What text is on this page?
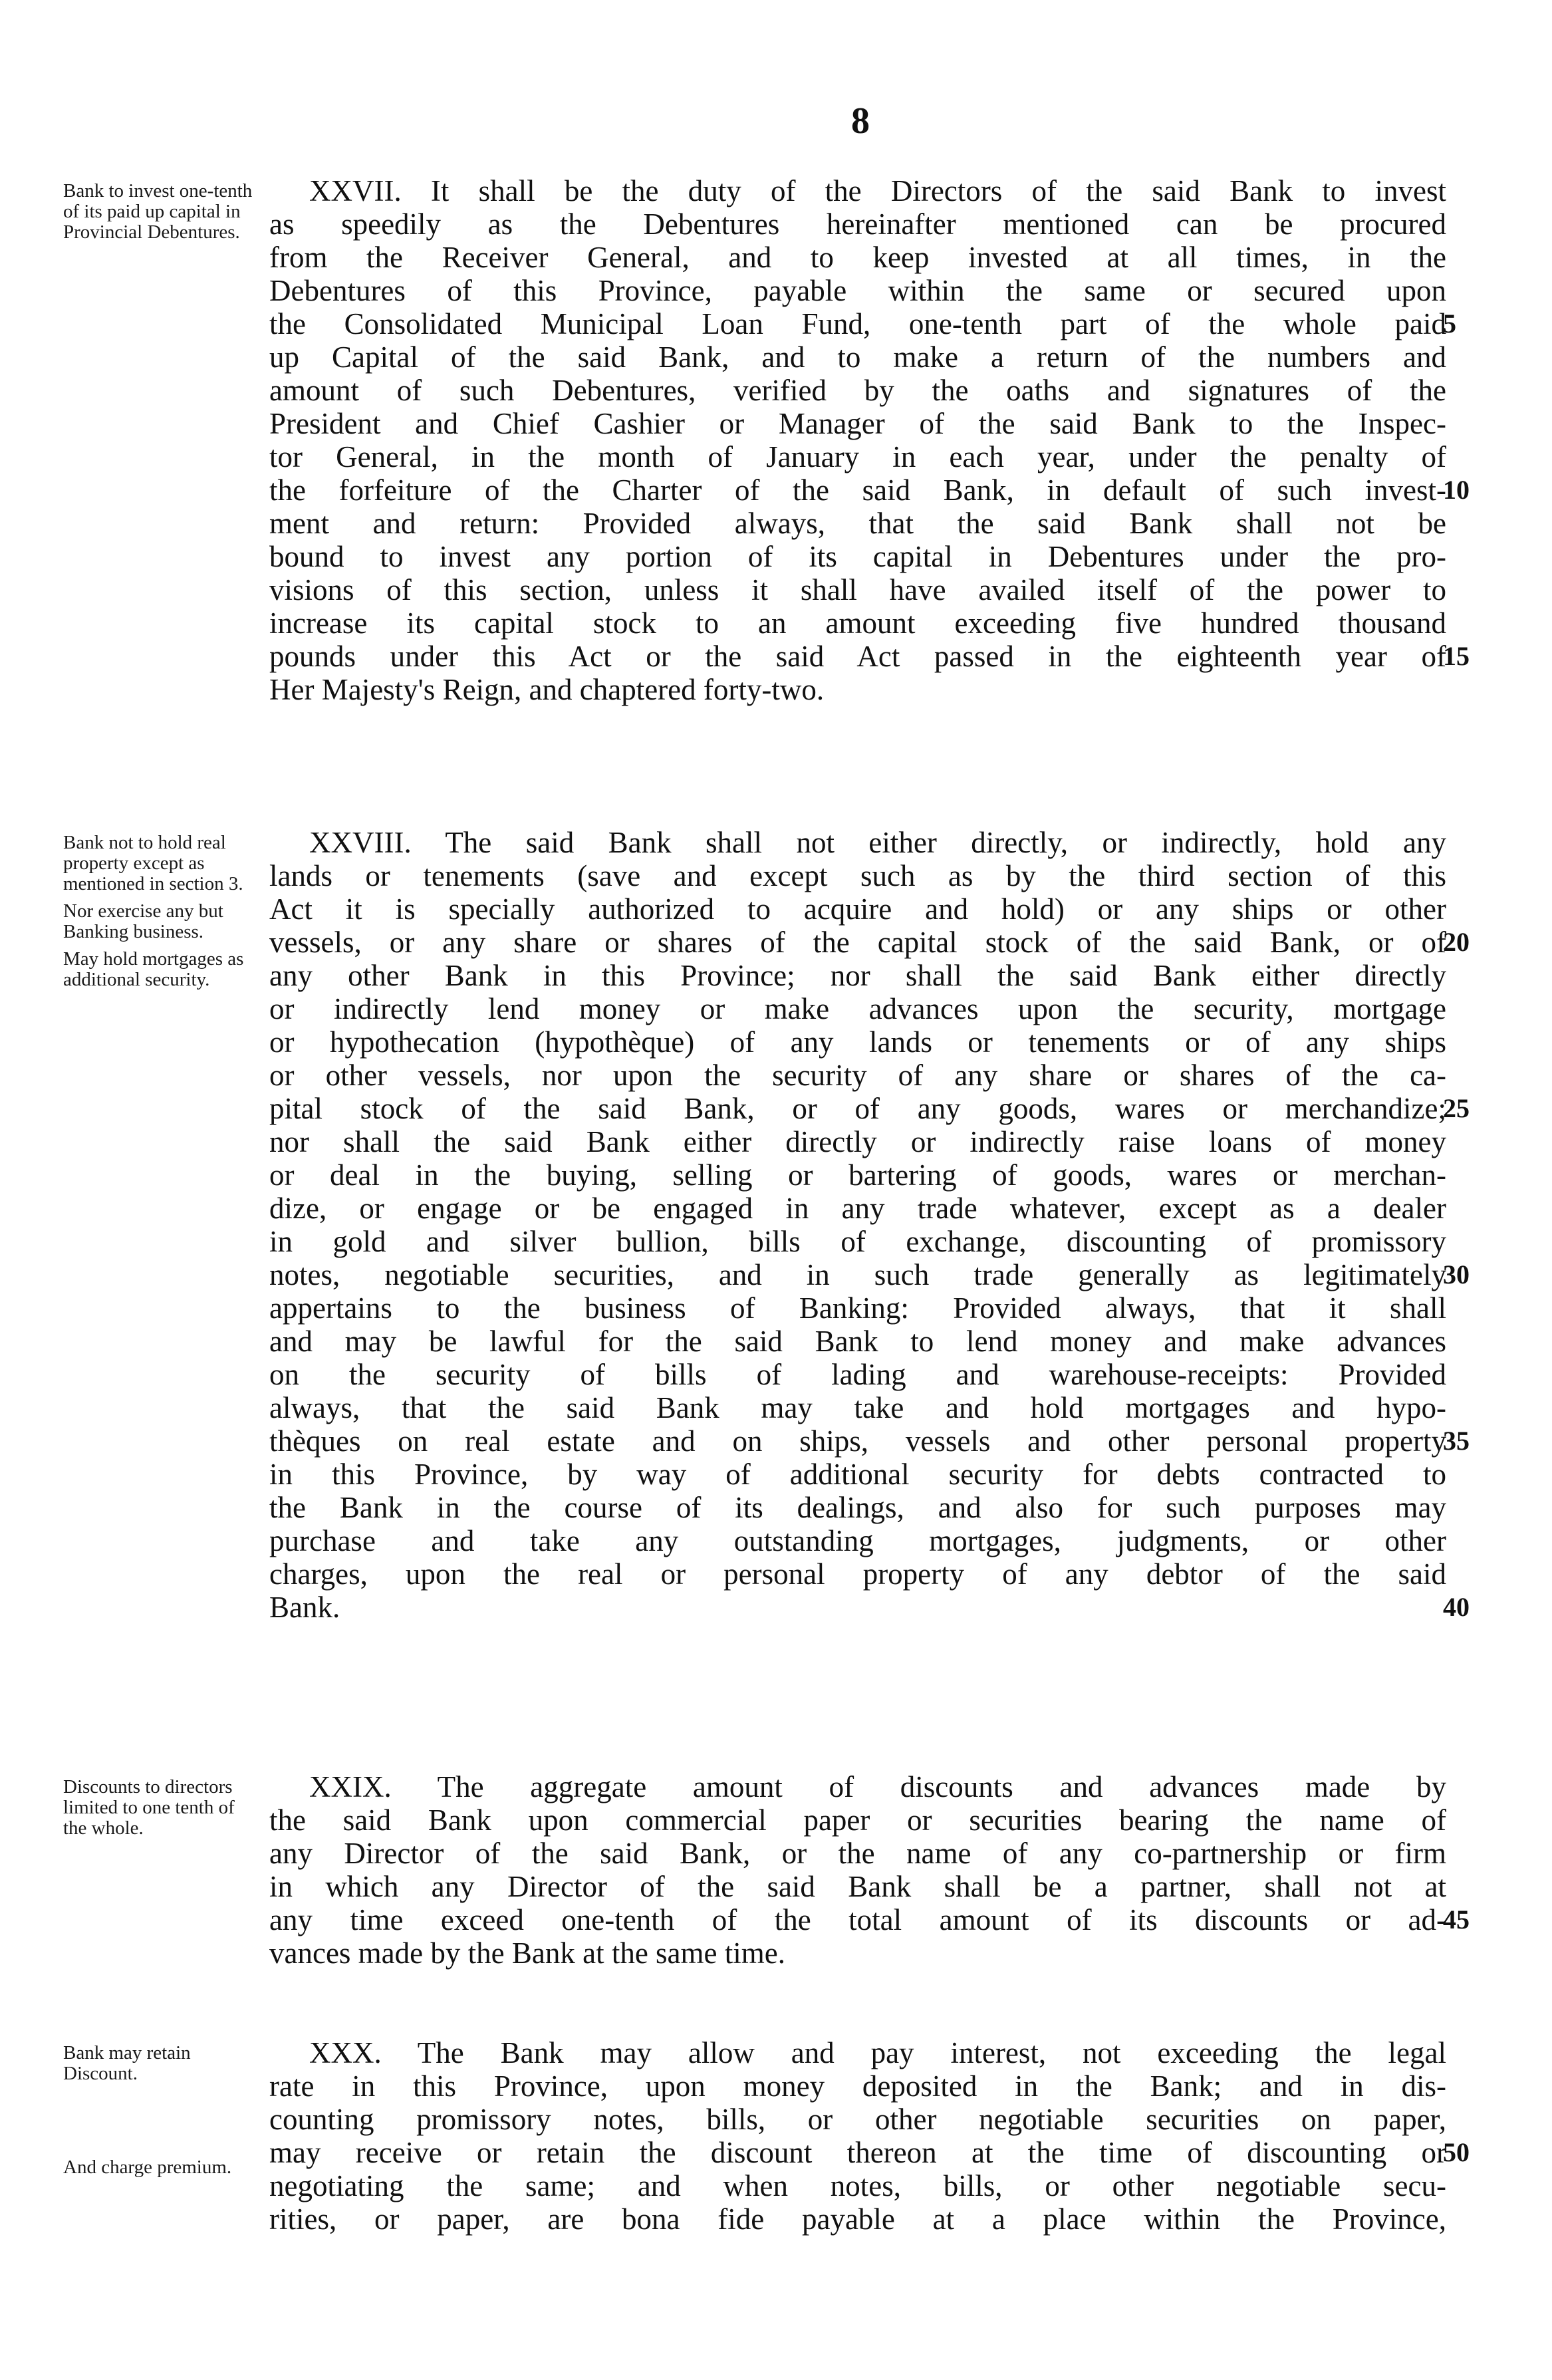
8
Bank to invest one-tenth of its paid up capital in Provincial Debentures.
XXVII. It shall be the duty of the Directors of the said Bank to invest
as speedily as the Debentures hereinafter mentioned can be procured
from the Receiver General, and to keep invested at all times, in the
Debentures of this Province, payable within the same or secured upon
the Consolidated Municipal Loan Fund, one-tenth part of the whole paid
up Capital of the said Bank, and to make a return of the numbers and
amount of such Debentures, verified by the oaths and signatures of the
President and Chief Cashier or Manager of the said Bank to the Inspec-
tor General, in the month of January in each year, under the penalty of
the forfeiture of the Charter of the said Bank, in default of such invest-
ment and return: Provided always, that the said Bank shall not be
bound to invest any portion of its capital in Debentures under the pro-
visions of this section, unless it shall have availed itself of the power to
increase its capital stock to an amount exceeding five hundred thousand
pounds under this Act or the said Act passed in the eighteenth year of
Her Majesty's Reign, and chaptered forty-two.
5
10
15
Bank not to hold real property except as mentioned in section 3.
Nor exercise any but Banking business.
May hold mortgages as additional security.
XXVIII. The said Bank shall not either directly, or indirectly, hold any
lands or tenements (save and except such as by the third section of this
Act it is specially authorized to acquire and hold) or any ships or other
vessels, or any share or shares of the capital stock of the said Bank, or of
any other Bank in this Province; nor shall the said Bank either directly
or indirectly lend money or make advances upon the security, mortgage
or hypothecation (hypothèque) of any lands or tenements or of any ships
or other vessels, nor upon the security of any share or shares of the ca-
pital stock of the said Bank, or of any goods, wares or merchandize;
nor shall the said Bank either directly or indirectly raise loans of money
or deal in the buying, selling or bartering of goods, wares or merchan-
dize, or engage or be engaged in any trade whatever, except as a dealer
in gold and silver bullion, bills of exchange, discounting of promissory
notes, negotiable securities, and in such trade generally as legitimately
appertains to the business of Banking: Provided always, that it shall
and may be lawful for the said Bank to lend money and make advances
on the security of bills of lading and warehouse-receipts: Provided
always, that the said Bank may take and hold mortgages and hypo-
thèques on real estate and on ships, vessels and other personal property
in this Province, by way of additional security for debts contracted to
the Bank in the course of its dealings, and also for such purposes may
purchase and take any outstanding mortgages, judgments, or other
charges, upon the real or personal property of any debtor of the said
Bank.
20
25
30
35
40
Discounts to directors limited to one tenth of the whole.
XXIX. The aggregate amount of discounts and advances made by
the said Bank upon commercial paper or securities bearing the name of
any Director of the said Bank, or the name of any co-partnership or firm
in which any Director of the said Bank shall be a partner, shall not at
any time exceed one-tenth of the total amount of its discounts or ad-
vances made by the Bank at the same time.
45
Bank may retain Discount.
And charge premium.
XXX. The Bank may allow and pay interest, not exceeding the legal
rate in this Province, upon money deposited in the Bank; and in dis-
counting promissory notes, bills, or other negotiable securities on paper,
may receive or retain the discount thereon at the time of discounting or
negotiating the same; and when notes, bills, or other negotiable secu-
rities, or paper, are bona fide payable at a place within the Province,
50
